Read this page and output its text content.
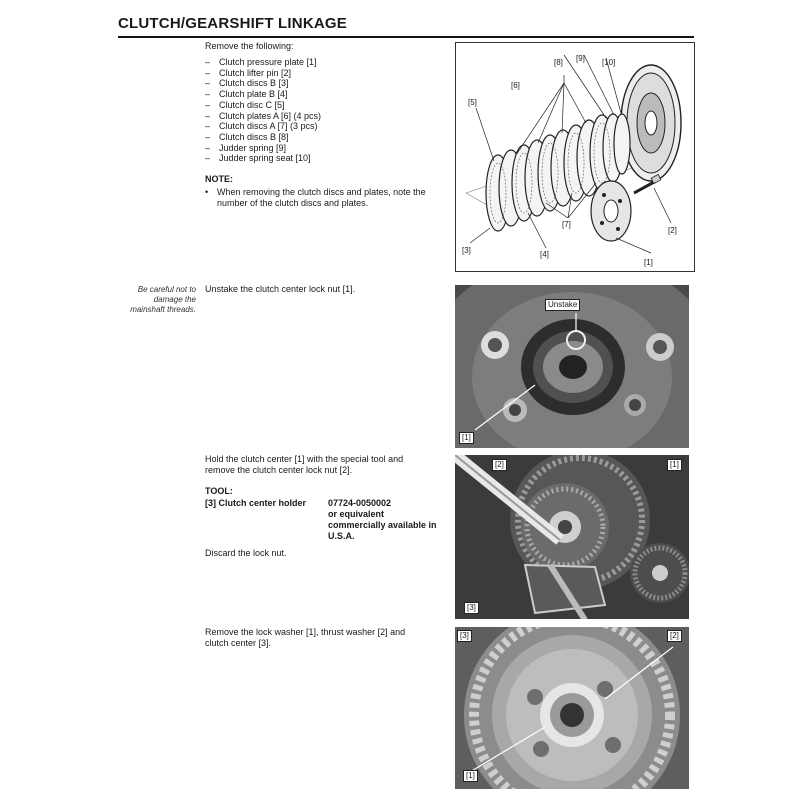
CLUTCH/GEARSHIFT LINKAGE
Remove the following:
– Clutch pressure plate [1]
– Clutch lifter pin [2]
– Clutch discs B [3]
– Clutch plate B [4]
– Clutch disc C [5]
– Clutch plates A [6] (4 pcs)
– Clutch discs A [7] (3 pcs)
– Clutch discs B [8]
– Judder spring [9]
– Judder spring seat [10]
NOTE:
• When removing the clutch discs and plates, note the
number of the clutch discs and plates.
[5]
[6]
[8] [9] [10]
[7]
[4]
[3]
[1]
[2]
Be careful not to
damage the
mainshaft threads.
Unstake the clutch center lock nut [1].
Unstake
[1]
Hold the clutch center [1] with the special tool and
remove the clutch center lock nut [2].
TOOL:
[3] Clutch center holder 07724-0050002
or equivalent
commercially available in
U.S.A.
Discard the lock nut.
[2]	[1]
[3]
Remove the lock washer [1], thrust washer [2] and
clutch center [3].
[3]	[2]
[1]
